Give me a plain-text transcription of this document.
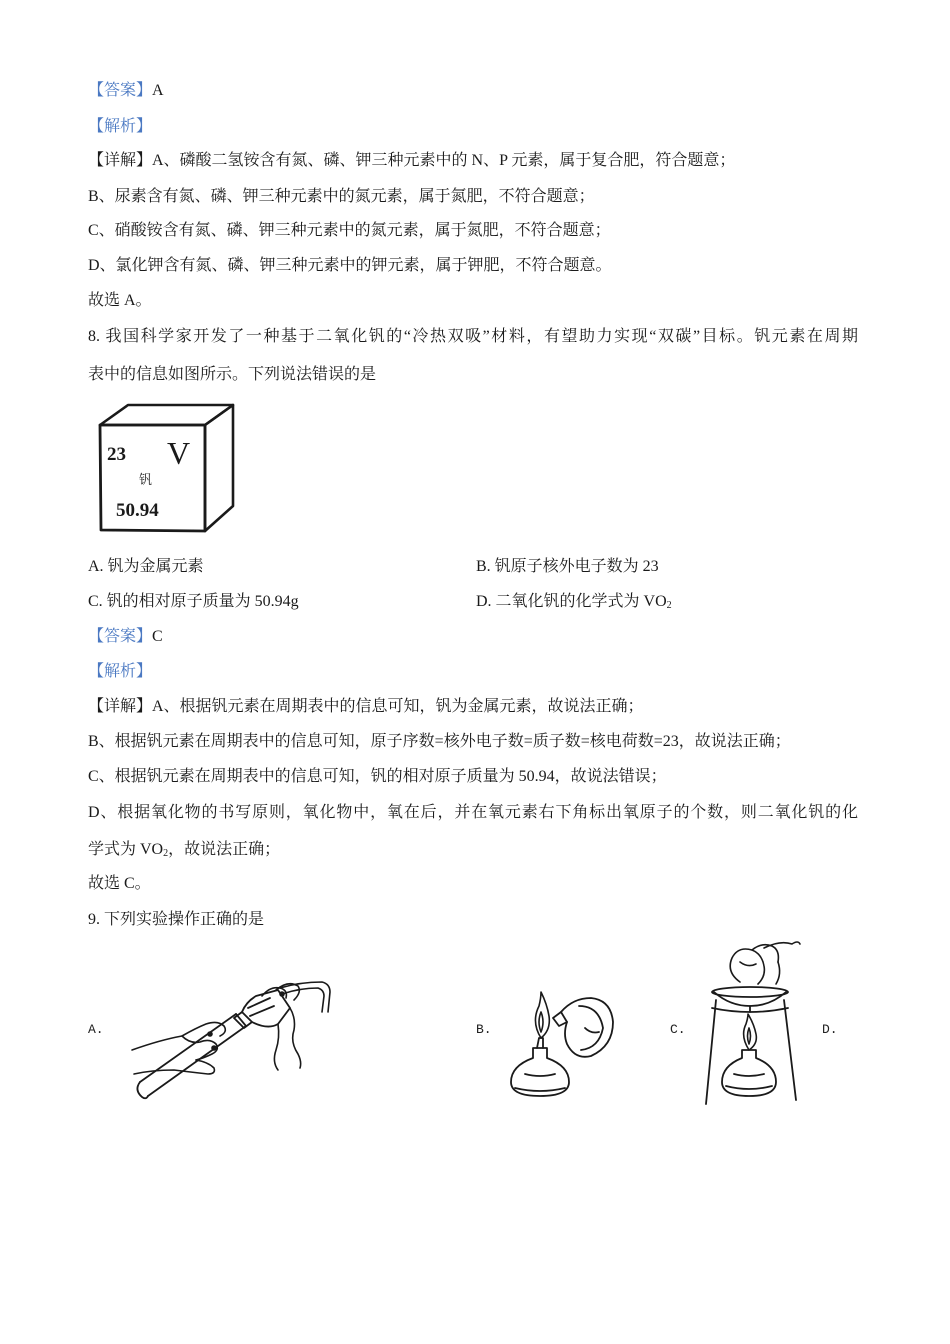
【答案】A
【解析】
【详解】A、磷酸二氢铵含有氮、磷、钾三种元素中的 N、P 元素，属于复合肥，符合题意；
B、尿素含有氮、磷、钾三种元素中的氮元素，属于氮肥，不符合题意；
C、硝酸铵含有氮、磷、钾三种元素中的氮元素，属于氮肥，不符合题意；
D、氯化钾含有氮、磷、钾三种元素中的钾元素，属于钾肥，不符合题意。
故选 A。
8. 我国科学家开发了一种基于二氧化钒的“冷热双吸”材料，有望助力实现“双碳”目标。钒元素在周期
表中的信息如图所示。下列说法错误的是
23 V
钒
50.94
A. 钒为金属元素	B. 钒原子核外电子数为 23
C. 钒的相对原子质量为 50.94g	D. 二氧化钒的化学式为 $VO_2$
【答案】C
【解析】
【详解】A、根据钒元素在周期表中的信息可知，钒为金属元素，故说法正确；
B、根据钒元素在周期表中的信息可知，原子序数=核外电子数=质子数=核电荷数=23，故说法正确；
C、根据钒元素在周期表中的信息可知，钒的相对原子质量为 50.94，故说法错误；
D、根据氧化物的书写原则，氧化物中，氧在后，并在氧元素右下角标出氧原子的个数，则二氧化钒的化
学式为 $VO_2$，故说法正确；
故选 C。
9. 下列实验操作正确的是
A.	B.	C.	D.
